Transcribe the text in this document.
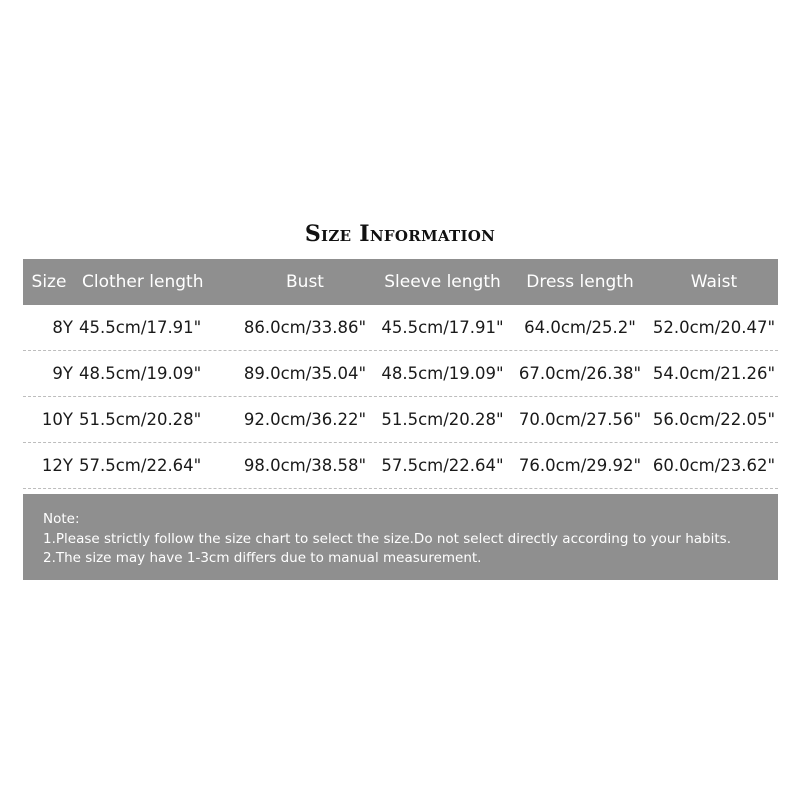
Size Information
Size Clother length	Bust	Sleeve length	Dress length	Waist
8Y 45.5cm/17.91"	86.0cm/33.86" 45.5cm/17.91"	64.0cm/25.2"	52.0cm/20.47"
9Y 48.5cm/19.09"	89.0cm/35.04" 48.5cm/19.09" 67.0cm/26.38" 54.0cm/21.26"
10Y 51.5cm/20.28"	92.0cm/36.22" 51.5cm/20.28" 70.0cm/27.56" 56.0cm/22.05"
12Y 57.5cm/22.64"	98.0cm/38.58" 57.5cm/22.64" 76.0cm/29.92" 60.0cm/23.62"
Note:
1.Please strictly follow the size chart to select the size.Do not select directly according to your habits.
2.The size may have 1-3cm differs due to manual measurement.
